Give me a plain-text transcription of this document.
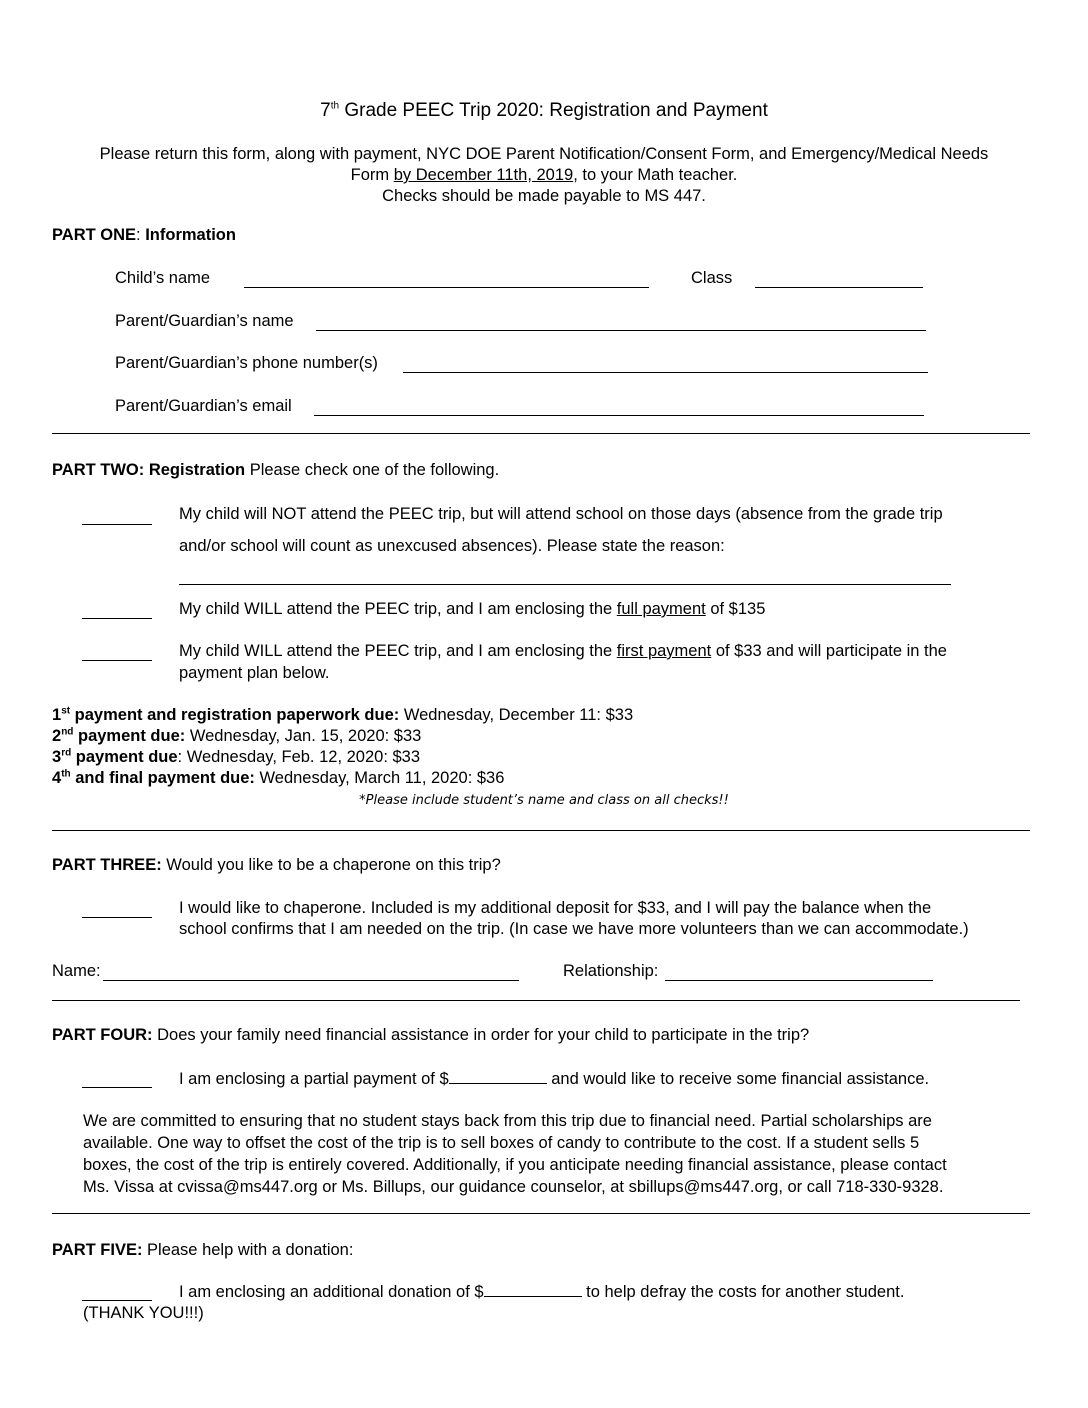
7th Grade PEEC Trip 2020: Registration and Payment
Please return this form, along with payment, NYC DOE Parent Notification/Consent Form, and Emergency/Medical Needs
Form by December 11th, 2019, to your Math teacher.
Checks should be made payable to MS 447.
PART ONE: Information
Child’s name	Class
Parent/Guardian’s name
Parent/Guardian’s phone number(s)
Parent/Guardian’s email
PART TWO: Registration Please check one of the following.
My child will NOT attend the PEEC trip, but will attend school on those days (absence from the grade trip
and/or school will count as unexcused absences). Please state the reason:
My child WILL attend the PEEC trip, and I am enclosing the full payment of $135
My child WILL attend the PEEC trip, and I am enclosing the first payment of $33 and will participate in the
payment plan below.
1st payment and registration paperwork due: Wednesday, December 11: $33
2nd payment due: Wednesday, Jan. 15, 2020: $33
3rd payment due: Wednesday, Feb. 12, 2020: $33
4th and final payment due: Wednesday, March 11, 2020: $36
*Please include student’s name and class on all checks!!
PART THREE: Would you like to be a chaperone on this trip?
I would like to chaperone. Included is my additional deposit for $33, and I will pay the balance when the
school confirms that I am needed on the trip. (In case we have more volunteers than we can accommodate.)
Name:	Relationship:
PART FOUR: Does your family need financial assistance in order for your child to participate in the trip?
I am enclosing a partial payment of $	and would like to receive some financial assistance.

We are committed to ensuring that no student stays back from this trip due to financial need. Partial scholarships are

available. One way to offset the cost of the trip is to sell boxes of candy to contribute to the cost. If a student sells 5

boxes, the cost of the trip is entirely covered. Additionally, if you anticipate needing financial assistance, please contact

Ms. Vissa at cvissa@ms447.org or Ms. Billups, our guidance counselor, at sbillups@ms447.org, or call 718-330-9328.

PART FIVE: Please help with a donation:
I am enclosing an additional donation of $	to help defray the costs for another student.
(THANK YOU!!!)
